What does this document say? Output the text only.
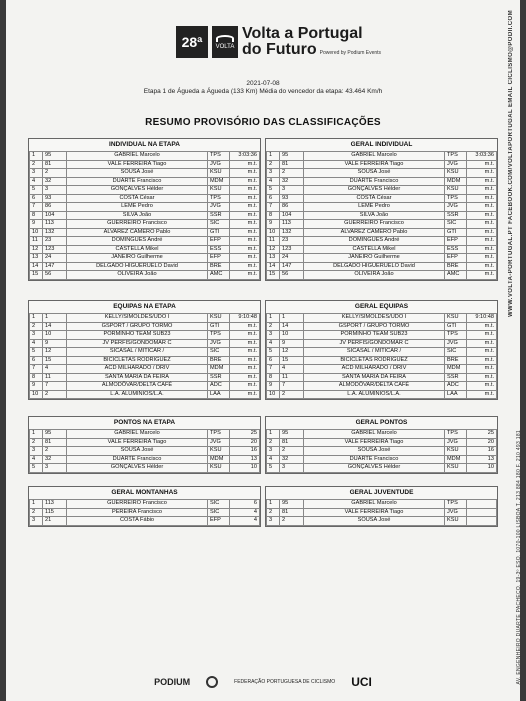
28ª	VOLTA
Volta a Portugal
do Futuro Powered by Podium Events
2021-07-08
Etapa 1 de Águeda a Águeda (133 Km) Média do vencedor da etapa: 43.464 Km/h
RESUMO PROVISÓRIO DAS CLASSIFICAÇÕES	WWW.VOLTA-PORTUGAL.PT FACEBOOK.COM/VOLTAPORTUGAL EMAIL CICLISMO@PODII.COM
AV. ENGENHEIRO DUARTE PACHECO, 19-3º ESQ. 1070-100 LISBOA T. 213 884 180 F. 210 493 181
INDIVIDUAL NA ETAPA
1	95	GABRIEL Marcelo	TPS	3:03:36
2	81	VALE FERREIRA Tiago	JVG	m.t.
3	2	SOUSA José	KSU	m.t.
4	32	DUARTE Francisco	MDM	m.t.
5	3	GONÇALVES Hélder	KSU	m.t.
6	93	COSTA César	TPS	m.t.
7	86	LEME Pedro	JVG	m.t.
8	104	SILVA João	SSR	m.t.
9	113	GUERREIRO Francisco	SIC	m.t.
10	132	ALVAREZ CAMERO Pablo	GTI	m.t.
11	23	DOMINGUES André	EFP	m.t.
12	123	CASTELLA Mikel	ESS	m.t.
13	24	JANEIRO Guilherme	EFP	m.t.
14	147	DELGADO HIGUERUELO David	BRE	m.t.
15	56	OLIVEIRA João	AMC	m.t.
GERAL INDIVIDUAL
1	95	GABRIEL Marcelo	TPS	3:03:36
2	81	VALE FERREIRA Tiago	JVG	m.t.
3	2	SOUSA José	KSU	m.t.
4	32	DUARTE Francisco	MDM	m.t.
5	3	GONÇALVES Hélder	KSU	m.t.
6	93	COSTA César	TPS	m.t.
7	86	LEME Pedro	JVG	m.t.
8	104	SILVA João	SSR	m.t.
9	113	GUERREIRO Francisco	SIC	m.t.
10	132	ALVAREZ CAMERO Pablo	GTI	m.t.
11	23	DOMINGUES André	EFP	m.t.
12	123	CASTELLA Mikel	ESS	m.t.
13	24	JANEIRO Guilherme	EFP	m.t.
14	147	DELGADO HIGUERUELO David	BRE	m.t.
15	56	OLIVEIRA João	AMC	m.t.
EQUIPAS NA ETAPA
1	1	KELLY/SIMOLDES/UDO I	KSU	9:10:48
2	14	GSPORT / GRUPO TORMO	GTI	m.t.
3	10	PORMINHO TEAM SUB23	TPS	m.t.
4	9	JV PERFIS/GONDOMAR C	JVG	m.t.
5	12	SICASAL / MITICAR /	SIC	m.t.
6	15	BICICLETAS RODRIGUEZ	BRE	m.t.
7	4	ACD MILHARADO / DRIV	MDM	m.t.
8	11	SANTA MARIA DA FEIRA	SSR	m.t.
9	7	ALMODÔVAR/DELTA CAFÉ	ADC	m.t.
10	2	L.A. ALUMINIOS/L.A.	LAA	m.t.
GERAL EQUIPAS
1	1	KELLY/SIMOLDES/UDO I	KSU	9:10:48
2	14	GSPORT / GRUPO TORMO	GTI	m.t.
3	10	PORMINHO TEAM SUB23	TPS	m.t.
4	9	JV PERFIS/GONDOMAR C	JVG	m.t.
5	12	SICASAL / MITICAR /	SIC	m.t.
6	15	BICICLETAS RODRIGUEZ	BRE	m.t.
7	4	ACD MILHARADO / DRIV	MDM	m.t.
8	11	SANTA MARIA DA FEIRA	SSR	m.t.
9	7	ALMODÔVAR/DELTA CAFÉ	ADC	m.t.
10	2	L.A. ALUMINIOS/L.A.	LAA	m.t.
PONTOS NA ETAPA
1	95	GABRIEL Marcelo	TPS	25
2	81	VALE FERREIRA Tiago	JVG	20
3	2	SOUSA José	KSU	16
4	32	DUARTE Francisco	MDM	13
5	3	GONÇALVES Hélder	KSU	10
GERAL PONTOS
1	95	GABRIEL Marcelo	TPS	25
2	81	VALE FERREIRA Tiago	JVG	20
3	2	SOUSA José	KSU	16
4	32	DUARTE Francisco	MDM	13
5	3	GONÇALVES Hélder	KSU	10
GERAL MONTANHAS
1	113	GUERREIRO Francisco	SIC	6
2	115	PEREIRA Francisco	SIC	4
3	21	COSTA Fábio	EFP	4
GERAL JUVENTUDE
1	95	GABRIEL Marcelo	TPS	
2	81	VALE FERREIRA Tiago	JVG	
3	2	SOUSA José	KSU	
PODIUM	FEDERAÇÃO PORTUGUESA DE CICLISMO UCI
